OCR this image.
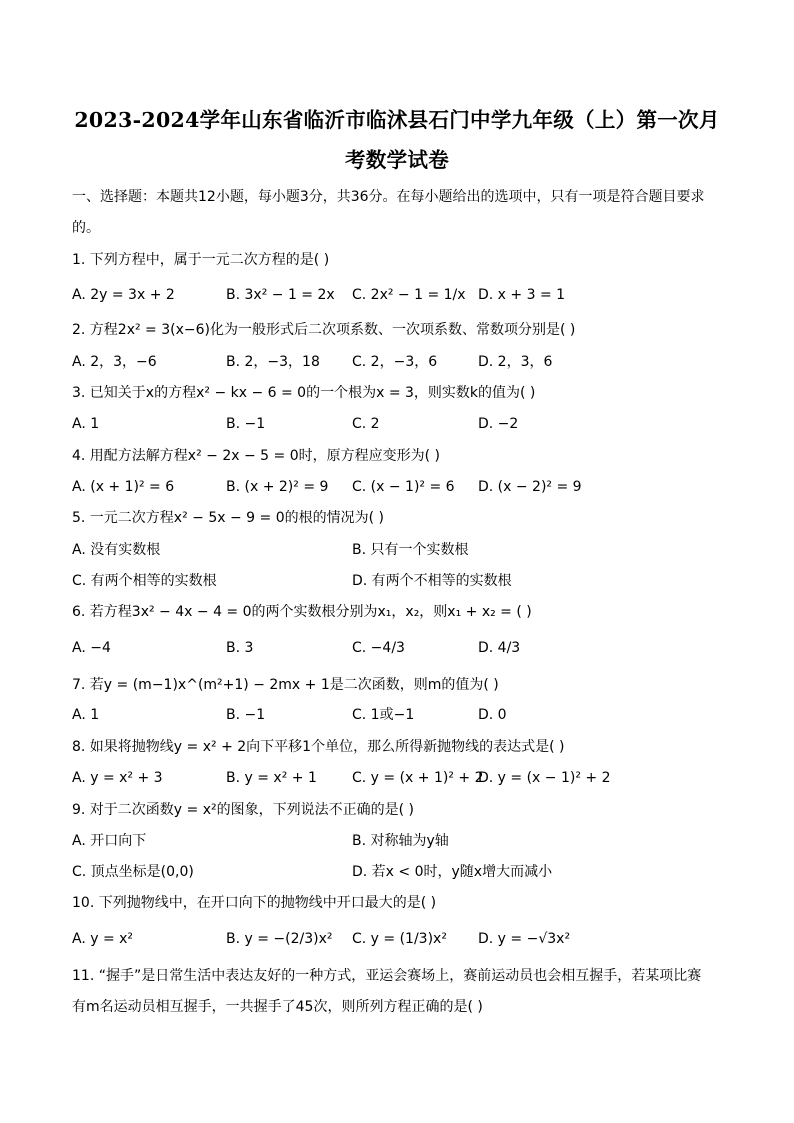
2023-2024学年山东省临沂市临沭县石门中学九年级（上）第一次月
考数学试卷
一、选择题：本题共12小题，每小题3分，共36分。在每小题给出的选项中，只有一项是符合题目要求
的。
1. 下列方程中，属于一元二次方程的是( )
A. 2y = 3x + 2	B. 3x² − 1 = 2x C. 2x² − 1 = 1/x D. x + 3 = 1
2. 方程2x² = 3(x−6)化为一般形式后二次项系数、一次项系数、常数项分别是( )
A. 2，3，−6	B. 2，−3，18 C. 2，−3，6	D. 2，3，6
3. 已知关于x的方程x² − kx − 6 = 0的一个根为x = 3，则实数k的值为( )
A. 1	B. −1	C. 2	D. −2
4. 用配方法解方程x² − 2x − 5 = 0时，原方程应变形为( )
A. (x + 1)² = 6	B. (x + 2)² = 9 C. (x − 1)² = 6 D. (x − 2)² = 9
5. 一元二次方程x² − 5x − 9 = 0的根的情况为( )
A. 没有实数根	B. 只有一个实数根
C. 有两个相等的实数根	D. 有两个不相等的实数根
6. 若方程3x² − 4x − 4 = 0的两个实数根分别为x₁，x₂，则x₁ + x₂ = ( )
A. −4	B. 3	C. −4/3	D. 4/3
7. 若y = (m−1)x^(m²+1) − 2mx + 1是二次函数，则m的值为( )
A. 1	B. −1	C. 1或−1	D. 0
8. 如果将抛物线y = x² + 2向下平移1个单位，那么所得新抛物线的表达式是( )
A. y = x² + 3	B. y = x² + 1	C. y = (x + 1)² + 2
D. y = (x − 1)² + 2
9. 对于二次函数y = x²的图象，下列说法不正确的是( )
A. 开口向下	B. 对称轴为y轴
C. 顶点坐标是(0,0)	D. 若x < 0时，y随x增大而减小
10. 下列抛物线中，在开口向下的抛物线中开口最大的是( )
A. y = x²	B. y = −(2/3)x² C. y = (1/3)x² D. y = −√3x²
11. “握手”是日常生活中表达友好的一种方式，亚运会赛场上，赛前运动员也会相互握手，若某项比赛
有m名运动员相互握手，一共握手了45次，则所列方程正确的是( )
